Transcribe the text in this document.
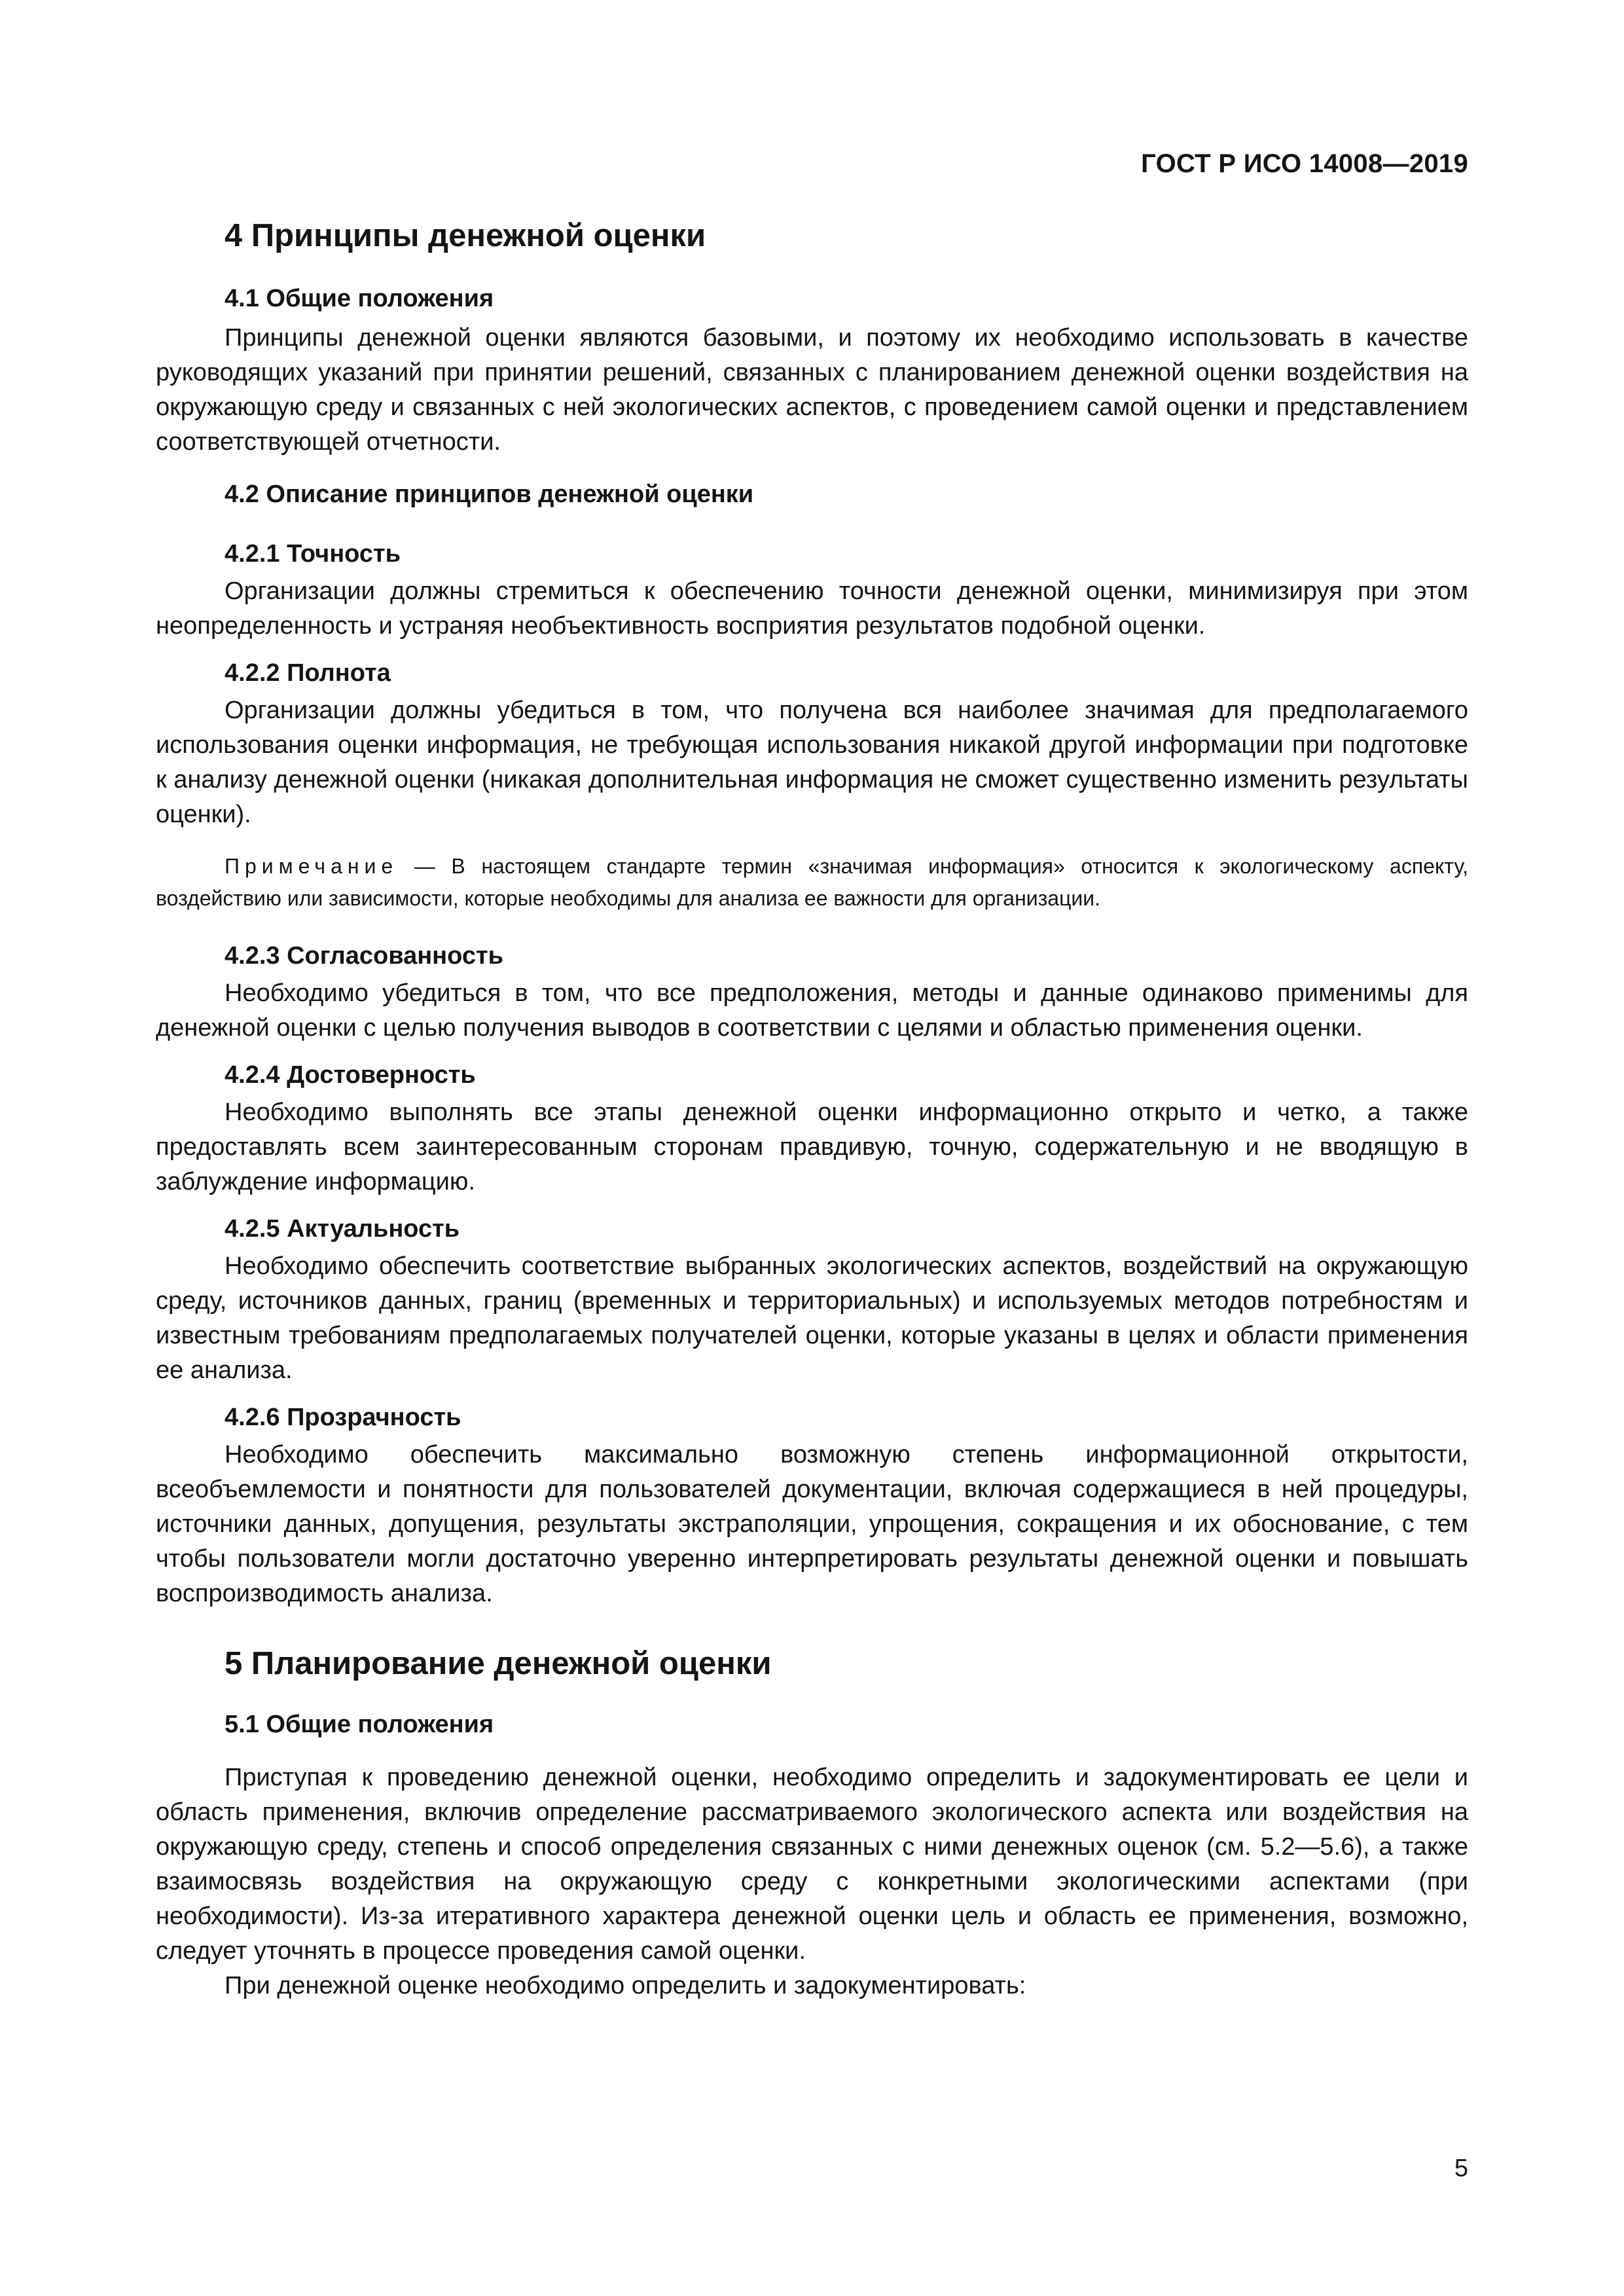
ГОСТ Р ИСО 14008—2019
4 Принципы денежной оценки
4.1 Общие положения

Принципы денежной оценки являются базовыми, и поэтому их необходимо использовать в качестве руководящих указаний при принятии решений, связанных с планированием денежной оценки воздействия на окружающую среду и связанных с ней экологических аспектов, с проведением самой оценки и представлением соответствующей отчетности.

4.2 Описание принципов денежной оценки
4.2.1 Точность

Организации должны стремиться к обеспечению точности денежной оценки, минимизируя при этом неопределенность и устраняя необъективность восприятия результатов подобной оценки.

4.2.2 Полнота

Организации должны убедиться в том, что получена вся наиболее значимая для предполагаемого использования оценки информация, не требующая использования никакой другой информации при подготовке к анализу денежной оценки (никакая дополнительная информация не сможет существенно изменить результаты оценки).

Примечание — В настоящем стандарте термин «значимая информация» относится к экологическому аспекту, воздействию или зависимости, которые необходимы для анализа ее важности для организации.

4.2.3 Согласованность

Необходимо убедиться в том, что все предположения, методы и данные одинаково применимы для денежной оценки с целью получения выводов в соответствии с целями и областью применения оценки.

4.2.4 Достоверность

Необходимо выполнять все этапы денежной оценки информационно открыто и четко, а также предоставлять всем заинтересованным сторонам правдивую, точную, содержательную и не вводящую в заблуждение информацию.

4.2.5 Актуальность

Необходимо обеспечить соответствие выбранных экологических аспектов, воздействий на окружающую среду, источников данных, границ (временных и территориальных) и используемых методов потребностям и известным требованиям предполагаемых получателей оценки, которые указаны в целях и области применения ее анализа.

4.2.6 Прозрачность

Необходимо обеспечить максимально возможную степень информационной открытости, всеобъемлемости и понятности для пользователей документации, включая содержащиеся в ней процедуры, источники данных, допущения, результаты экстраполяции, упрощения, сокращения и их обоснование, с тем чтобы пользователи могли достаточно уверенно интерпретировать результаты денежной оценки и повышать воспроизводимость анализа.

5 Планирование денежной оценки
5.1 Общие положения

Приступая к проведению денежной оценки, необходимо определить и задокументировать ее цели и область применения, включив определение рассматриваемого экологического аспекта или воздействия на окружающую среду, степень и способ определения связанных с ними денежных оценок (см. 5.2—5.6), а также взаимосвязь воздействия на окружающую среду с конкретными экологическими аспектами (при необходимости). Из-за итеративного характера денежной оценки цель и область ее применения, возможно, следует уточнять в процессе проведения самой оценки.

При денежной оценке необходимо определить и задокументировать:

5
